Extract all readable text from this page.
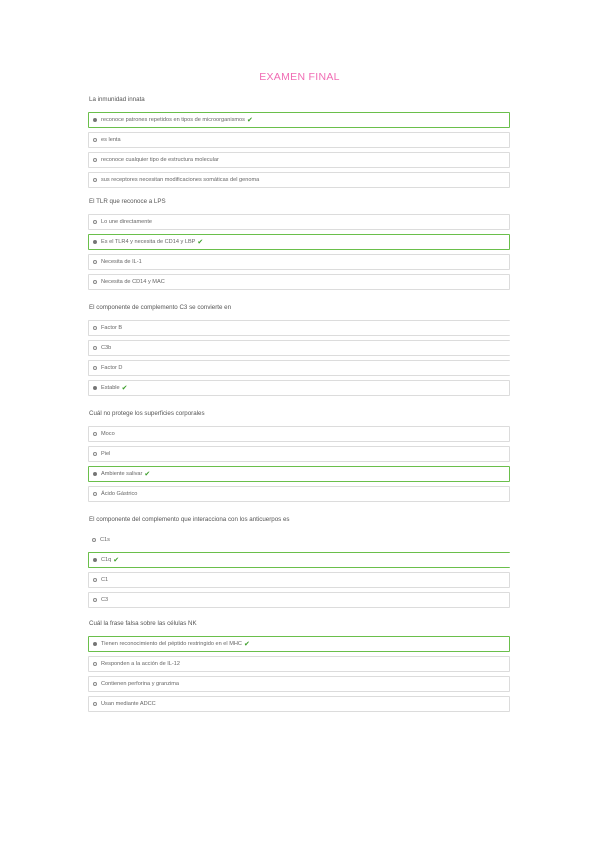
EXAMEN FINAL
La inmunidad innata
reconoce patrones repetidos en tipos de microorganismos ✔
es lenta
reconoce cualquier tipo de estructura molecular
sus receptores necesitan modificaciones somáticas del genoma
El TLR que reconoce a LPS
Lo une directamente
Es el TLR4 y necesita de CD14 y LBP ✔
Necesita de IL-1
Necesita de CD14 y MAC
El componente de complemento C3 se convierte en
Factor B
C3b
Factor D
Estable ✔
Cuál no protege los superficies corporales
Moco
Piel
Ambiente salivar ✔
Ácido Gástrico
El componente del complemento que interacciona con los anticuerpos es
C1s
C1q ✔
C1
C3
Cuál la frase falsa sobre las células NK
Tienen reconocimiento del péptido restringido en el MHC ✔
Responden a la acción de IL-12
Contienen perforina y granzima
Usan mediante ADCC
